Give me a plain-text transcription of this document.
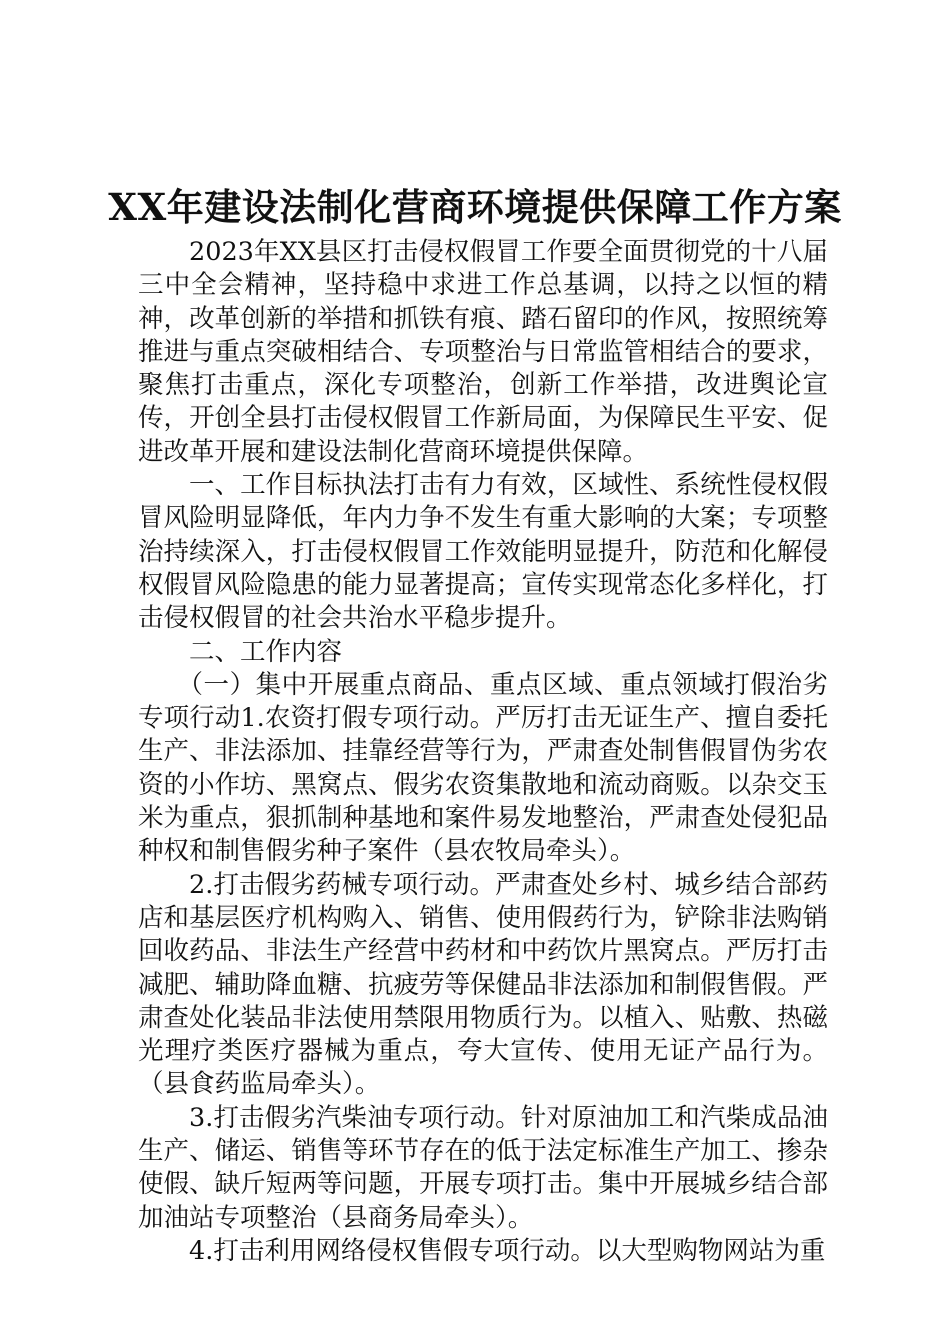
XX年建设法制化营商环境提供保障工作方案

2023年XX县区打击侵权假冒工作要全面贯彻党的十八届三中全会精神，坚持稳中求进工作总基调，以持之以恒的精神，改革创新的举措和抓铁有痕、踏石留印的作风，按照统筹推进与重点突破相结合、专项整治与日常监管相结合的要求，聚焦打击重点，深化专项整治，创新工作举措，改进舆论宣传，开创全县打击侵权假冒工作新局面，为保障民生平安、促进改革开展和建设法制化营商环境提供保障。

一、工作目标执法打击有力有效，区域性、系统性侵权假冒风险明显降低，年内力争不发生有重大影响的大案；专项整治持续深入，打击侵权假冒工作效能明显提升，防范和化解侵权假冒风险隐患的能力显著提高；宣传实现常态化多样化，打击侵权假冒的社会共治水平稳步提升。

二、工作内容

（一）集中开展重点商品、重点区域、重点领域打假治劣专项行动1.农资打假专项行动。严厉打击无证生产、擅自委托生产、非法添加、挂靠经营等行为，严肃查处制售假冒伪劣农资的小作坊、黑窝点、假劣农资集散地和流动商贩。以杂交玉米为重点，狠抓制种基地和案件易发地整治，严肃查处侵犯品种权和制售假劣种子案件（县农牧局牵头）。

2.打击假劣药械专项行动。严肃查处乡村、城乡结合部药店和基层医疗机构购入、销售、使用假药行为，铲除非法购销回收药品、非法生产经营中药材和中药饮片黑窝点。严厉打击减肥、辅助降血糖、抗疲劳等保健品非法添加和制假售假。严肃查处化装品非法使用禁限用物质行为。以植入、贴敷、热磁光理疗类医疗器械为重点，夸大宣传、使用无证产品行为。（县食药监局牵头）。

3.打击假劣汽柴油专项行动。针对原油加工和汽柴成品油生产、储运、销售等环节存在的低于法定标准生产加工、掺杂使假、缺斤短两等问题，开展专项打击。集中开展城乡结合部加油站专项整治（县商务局牵头）。

4.打击利用网络侵权售假专项行动。以大型购物网站为重
